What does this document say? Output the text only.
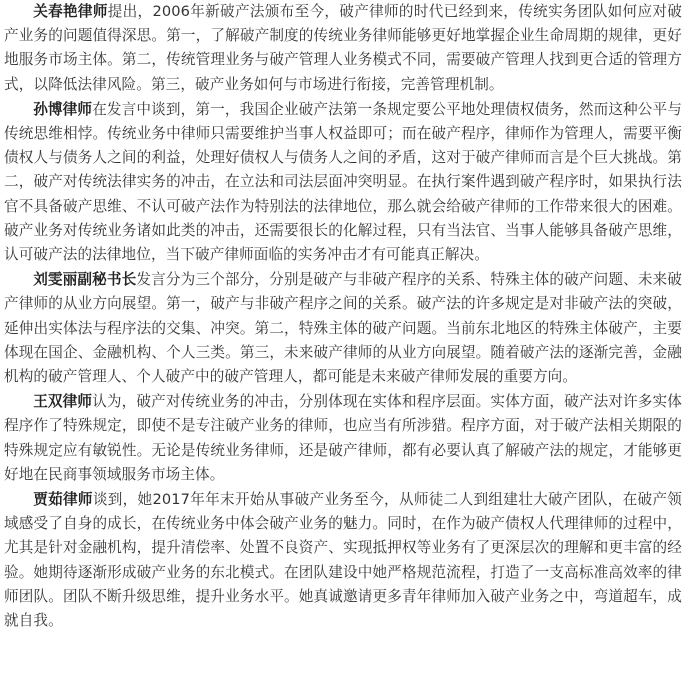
关春艳律师提出，2006年新破产法颁布至今，破产律师的时代已经到来，传统实务团队如何应对破产业务的问题值得深思。第一，了解破产制度的传统业务律师能够更好地掌握企业生命周期的规律，更好地服务市场主体。第二，传统管理业务与破产管理人业务模式不同，需要破产管理人找到更合适的管理方式，以降低法律风险。第三，破产业务如何与市场进行衔接，完善管理机制。

孙博律师在发言中谈到，第一，我国企业破产法第一条规定要公平地处理债权债务，然而这种公平与传统思维相悖。传统业务中律师只需要维护当事人权益即可；而在破产程序，律师作为管理人，需要平衡债权人与债务人之间的利益，处理好债权人与债务人之间的矛盾，这对于破产律师而言是个巨大挑战。第二，破产对传统法律实务的冲击，在立法和司法层面冲突明显。在执行案件遇到破产程序时，如果执行法官不具备破产思维、不认可破产法作为特别法的法律地位，那么就会给破产律师的工作带来很大的困难。破产业务对传统业务诸如此类的冲击，还需要很长的化解过程，只有当法官、当事人能够具备破产思维，认可破产法的法律地位，当下破产律师面临的实务冲击才有可能真正解决。

刘雯丽副秘书长发言分为三个部分，分别是破产与非破产程序的关系、特殊主体的破产问题、未来破产律师的从业方向展望。第一，破产与非破产程序之间的关系。破产法的许多规定是对非破产法的突破，延伸出实体法与程序法的交集、冲突。第二，特殊主体的破产问题。当前东北地区的特殊主体破产，主要体现在国企、金融机构、个人三类。第三，未来破产律师的从业方向展望。随着破产法的逐渐完善，金融机构的破产管理人、个人破产中的破产管理人，都可能是未来破产律师发展的重要方向。

王双律师认为，破产对传统业务的冲击，分别体现在实体和程序层面。实体方面，破产法对许多实体程序作了特殊规定，即使不是专注破产业务的律师，也应当有所涉猎。程序方面，对于破产法相关期限的特殊规定应有敏锐性。无论是传统业务律师，还是破产律师，都有必要认真了解破产法的规定，才能够更好地在民商事领域服务市场主体。

贾茹律师谈到，她2017年年末开始从事破产业务至今，从师徒二人到组建壮大破产团队，在破产领域感受了自身的成长，在传统业务中体会破产业务的魅力。同时，在作为破产债权人代理律师的过程中，尤其是针对金融机构，提升清偿率、处置不良资产、实现抵押权等业务有了更深层次的理解和更丰富的经验。她期待逐渐形成破产业务的东北模式。在团队建设中她严格规范流程，打造了一支高标准高效率的律师团队。团队不断升级思维，提升业务水平。她真诚邀请更多青年律师加入破产业务之中，弯道超车，成就自我。
